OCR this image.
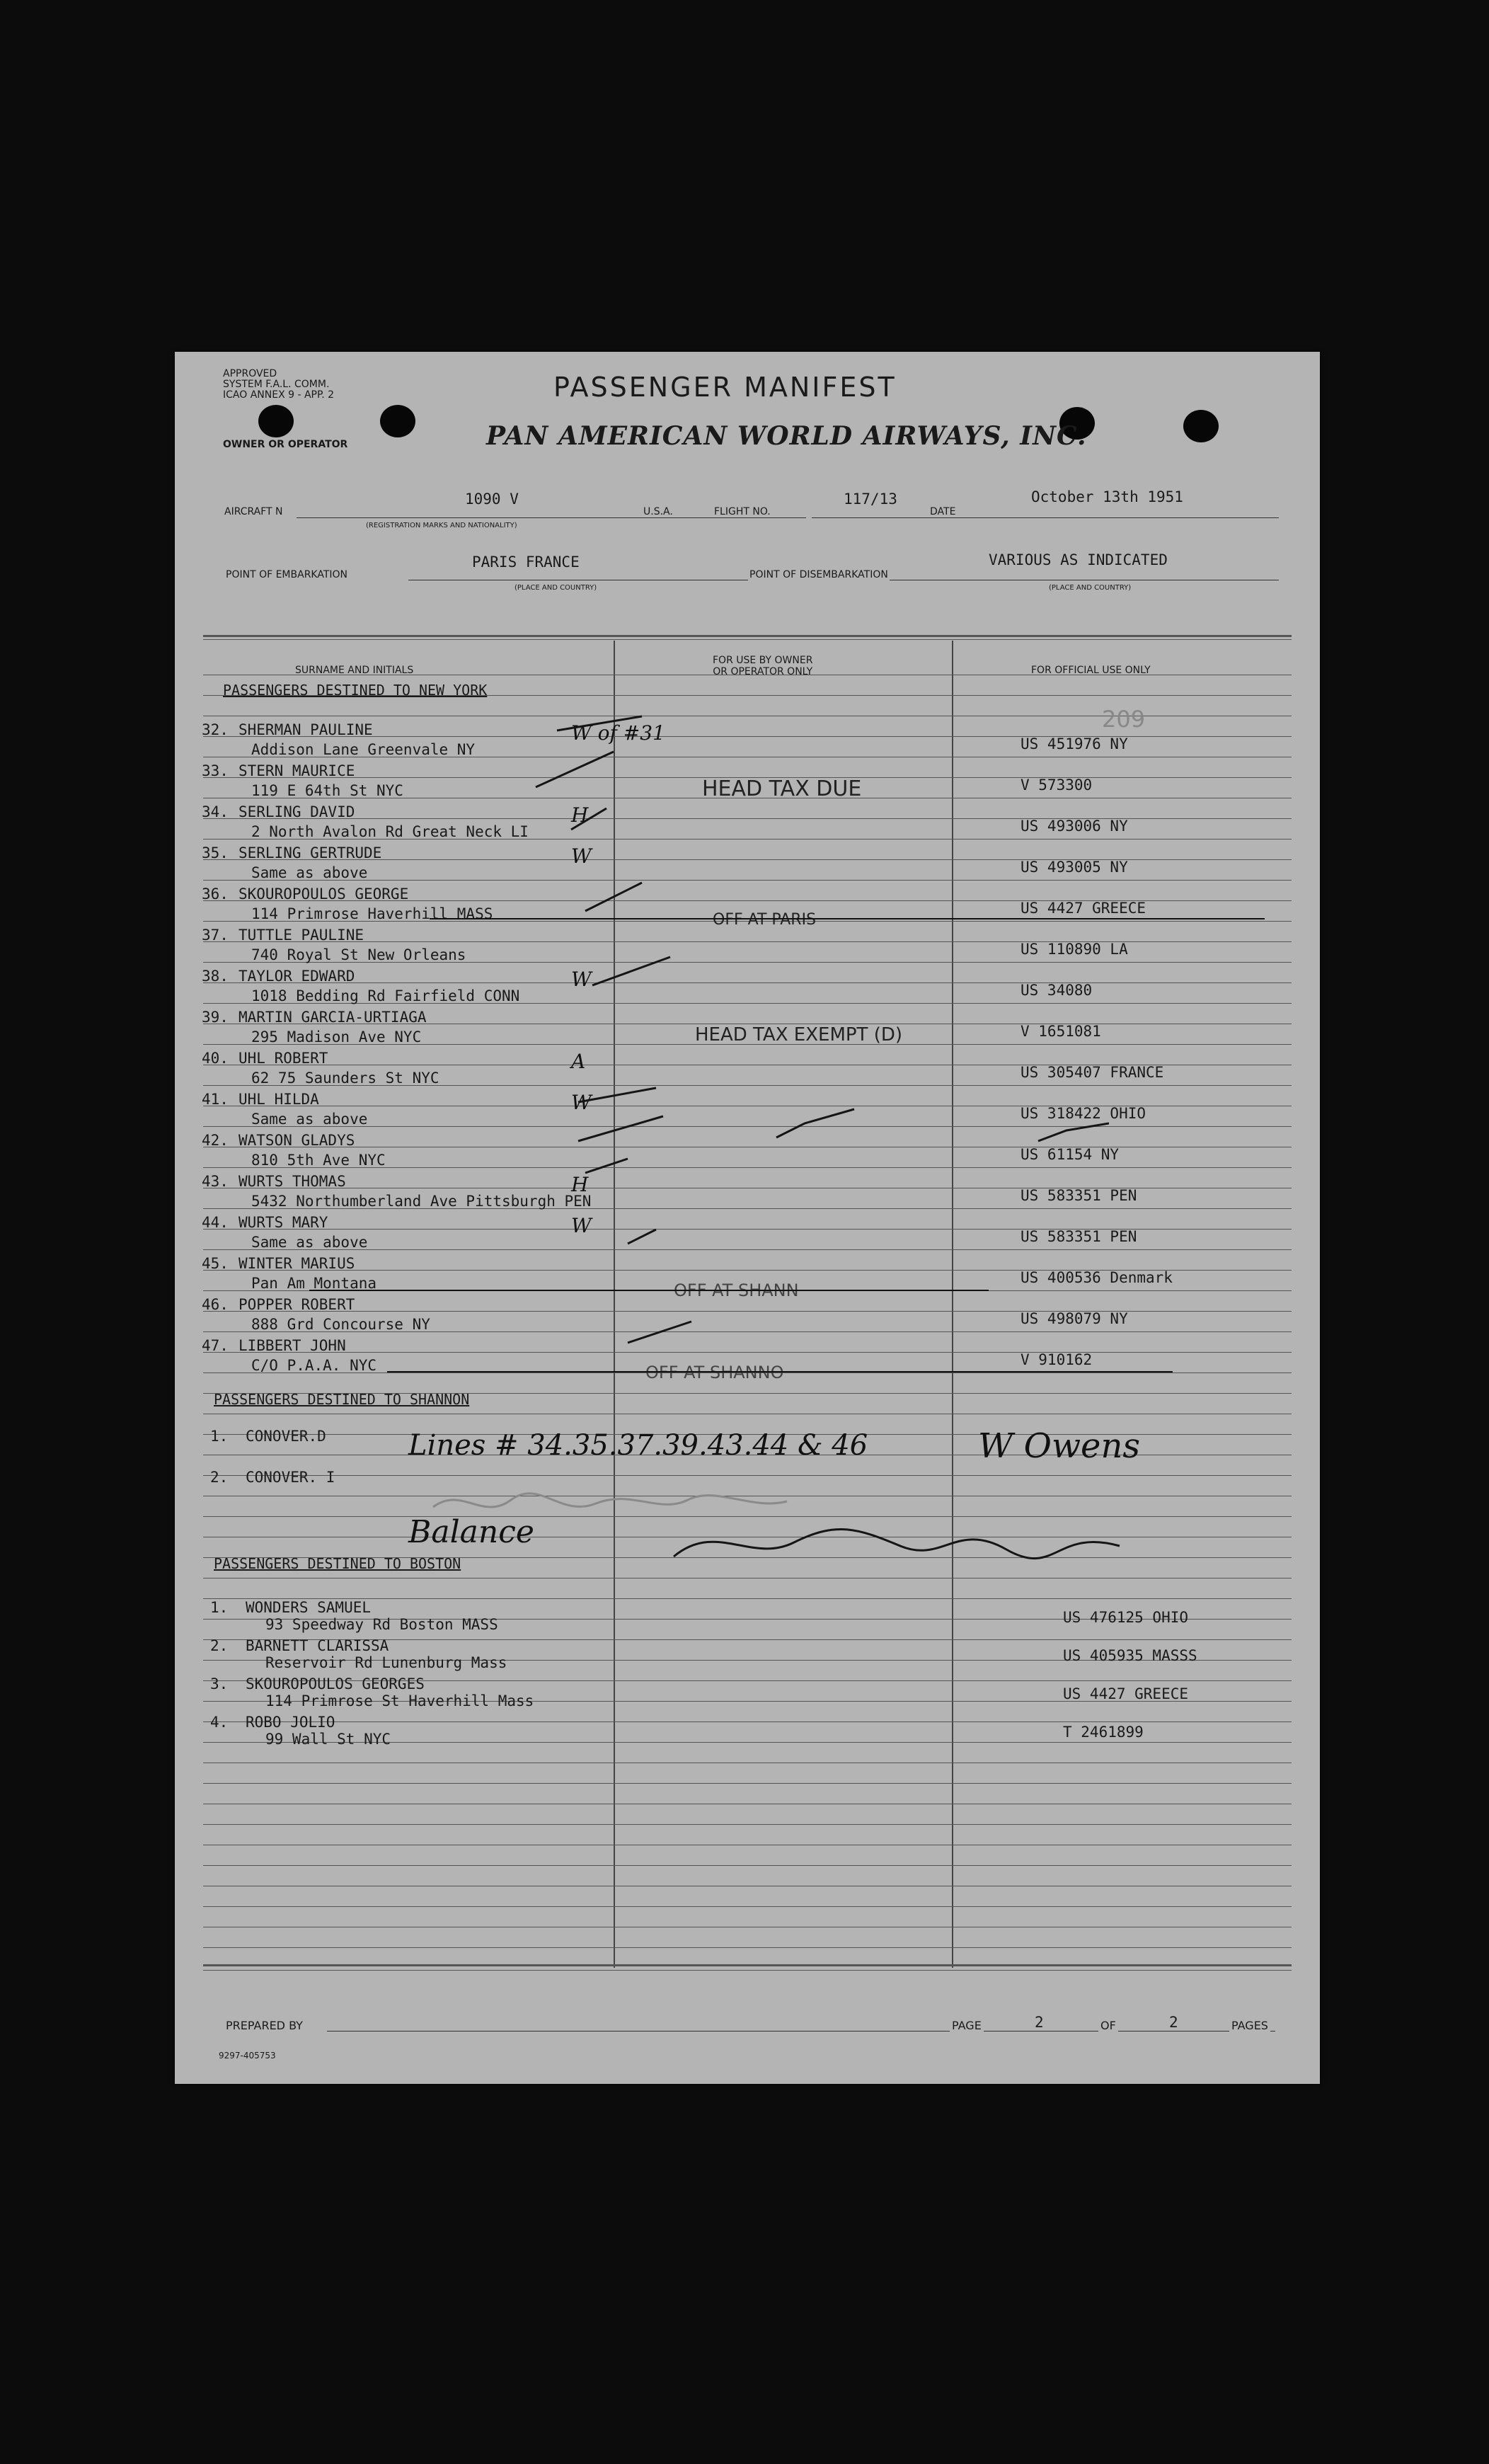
APPROVED
SYSTEM F.A.L. COMM.
ICAO ANNEX 9 - APP. 2
OWNER OR OPERATOR
PASSENGER MANIFEST
PAN AMERICAN WORLD AIRWAYS, INC.
AIRCRAFT N
1090 V
(REGISTRATION MARKS AND NATIONALITY)
U.S.A.	FLIGHT NO.
117/13
DATE
October 13th 1951
POINT OF EMBARKATION
PARIS FRANCE
(PLACE AND COUNTRY)
POINT OF DISEMBARKATION
VARIOUS AS INDICATED
(PLACE AND COUNTRY)
SURNAME AND INITIALS
FOR USE BY OWNER
OR OPERATOR ONLY	FOR OFFICIAL USE ONLY
PASSENGERS DESTINED TO NEW YORK
209
32. SHERMAN PAULINE
Addison Lane Greenvale NY	US 451976 NY
W of #31
33. STERN MAURICE
119 E 64th St NYC	V 573300
34. SERLING DAVID
2 North Avalon Rd Great Neck LI	US 493006 NY
H
35. SERLING GERTRUDE
Same as above	US 493005 NY
W
36. SKOUROPOULOS GEORGE
114 Primrose Haverhill MASS	US 4427 GREECE
37. TUTTLE PAULINE
740 Royal St New Orleans	US 110890 LA
38. TAYLOR EDWARD
1018 Bedding Rd Fairfield CONN	US 34080
W
39. MARTIN GARCIA-URTIAGA
295 Madison Ave NYC	V 1651081
40. UHL ROBERT
62 75 Saunders St NYC	US 305407 FRANCE
A
41. UHL HILDA
Same as above	US 318422 OHIO
W
42. WATSON GLADYS
810 5th Ave NYC	US 61154 NY
43. WURTS THOMAS
5432 Northumberland Ave Pittsburgh PEN	US 583351 PEN
H
44. WURTS MARY
Same as above	US 583351 PEN
W
45. WINTER MARIUS
Pan Am Montana	US 400536 Denmark
46. POPPER ROBERT
888 Grd Concourse NY	US 498079 NY
47. LIBBERT JOHN
C/O P.A.A. NYC	V 910162
HEAD TAX DUE
OFF AT PARIS
HEAD TAX EXEMPT (D)
OFF AT SHANN
OFF AT SHANNO
PASSENGERS DESTINED TO SHANNON
1. CONOVER.D
2. CONOVER. I
Lines # 34.35.37.39.43.44 & 46	W Owens
Balance
PASSENGERS DESTINED TO BOSTON
1. WONDERS SAMUEL
93 Speedway Rd Boston MASS	US 476125 OHIO
2. BARNETT CLARISSA
Reservoir Rd Lunenburg Mass	US 405935 MASSS
3. SKOUROPOULOS GEORGES
114 Primrose St Haverhill Mass	US 4427 GREECE
4. ROBO JOLIO
99 Wall St NYC	T 2461899
PREPARED BY	PAGE	2	OF	2	PAGES
9297-405753
